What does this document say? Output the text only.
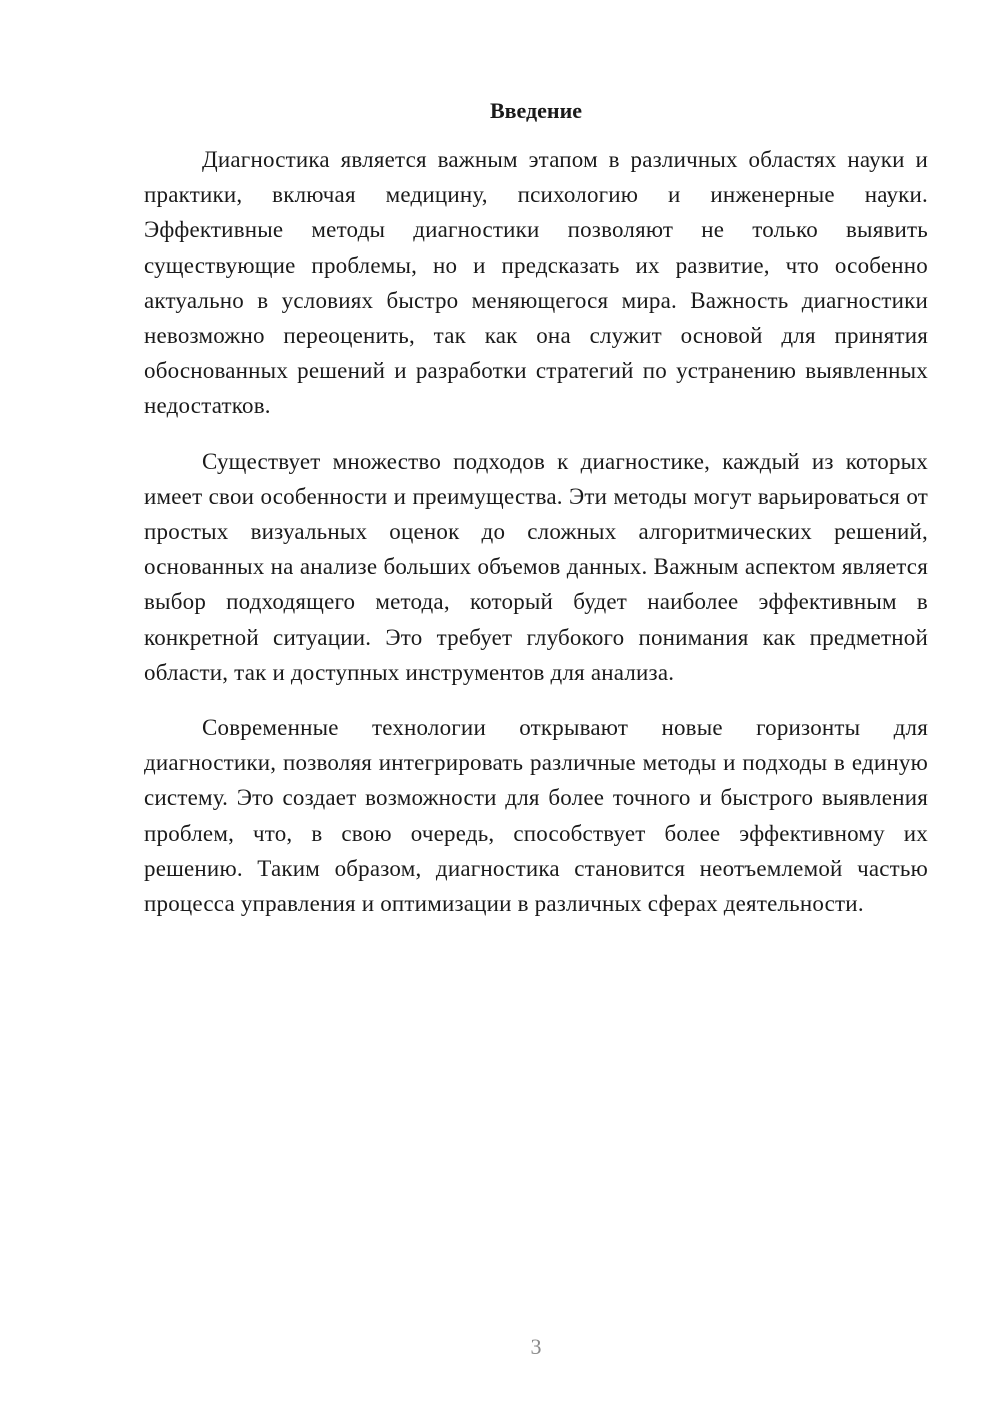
Введение

Диагностика является важным этапом в различных областях науки и практики, включая медицину, психологию и инженерные науки. Эффективные методы диагностики позволяют не только выявить существующие проблемы, но и предсказать их развитие, что особенно актуально в условиях быстро меняющегося мира. Важность диагностики невозможно переоценить, так как она служит основой для принятия обоснованных решений и разработки стратегий по устранению выявленных недостатков.

Существует множество подходов к диагностике, каждый из которых имеет свои особенности и преимущества. Эти методы могут варьироваться от простых визуальных оценок до сложных алгоритмических решений, основанных на анализе больших объемов данных. Важным аспектом является выбор подходящего метода, который будет наиболее эффективным в конкретной ситуации. Это требует глубокого понимания как предметной области, так и доступных инструментов для анализа.

Современные технологии открывают новые горизонты для диагностики, позволяя интегрировать различные методы и подходы в единую систему. Это создает возможности для более точного и быстрого выявления проблем, что, в свою очередь, способствует более эффективному их решению. Таким образом, диагностика становится неотъемлемой частью процесса управления и оптимизации в различных сферах деятельности.

3
